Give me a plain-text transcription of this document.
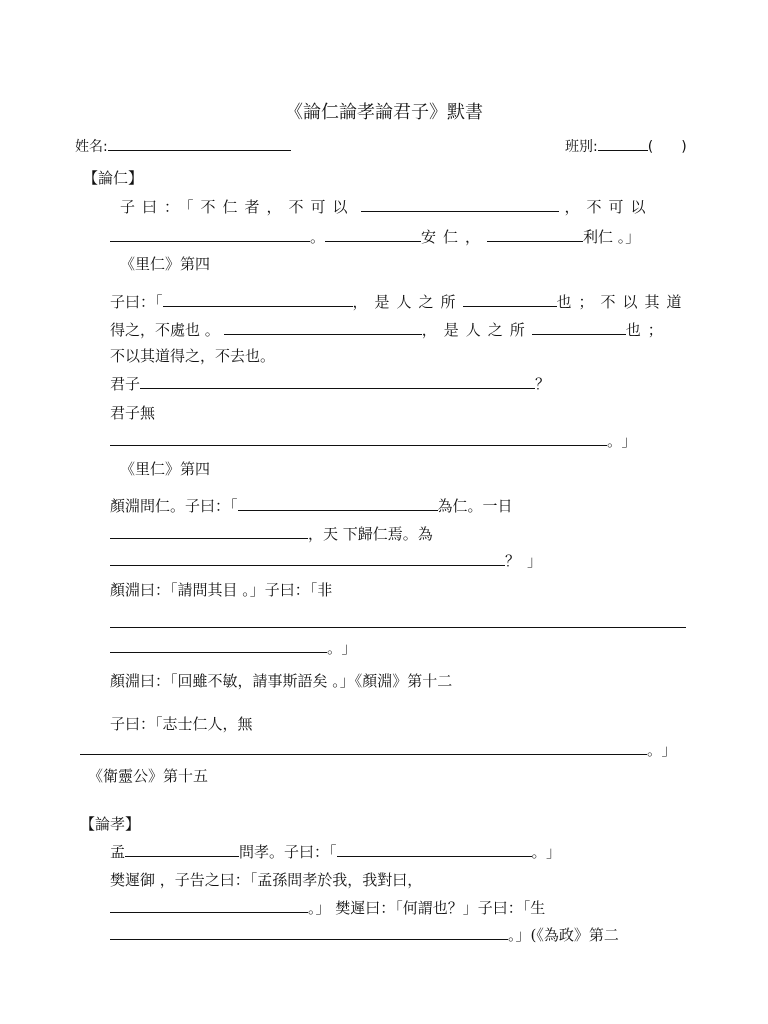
《論仁論孝論君子》默書
姓名:	班別:	( )
【論仁】
子曰：「不仁者，不可以	，不可以
。	安仁，	利仁 。」
《里仁》第四
子曰：「	，是人之所	也；不以其道
得之，不處也 。	，是人之所	也；
不以其道得之，不去也。
君子	？
君子無
。」
《里仁》第四
顏淵問仁。子曰：「	為仁。一日
，天 下歸仁焉。為
？」
顏淵曰：「請問其目 。」子曰：「非
。」
顏淵曰：「回雖不敏，請事斯語矣 。」《顏淵》第十二
子曰：「志士仁人，無
。」
《衛靈公》第十五
【論孝】
孟	問孝。子曰：「	。」
樊遲御 ，子告之曰：「孟孫問孝於我，我對曰，
。」 樊遲曰：「何謂也？」子曰：「生
。」(《為政》第二
